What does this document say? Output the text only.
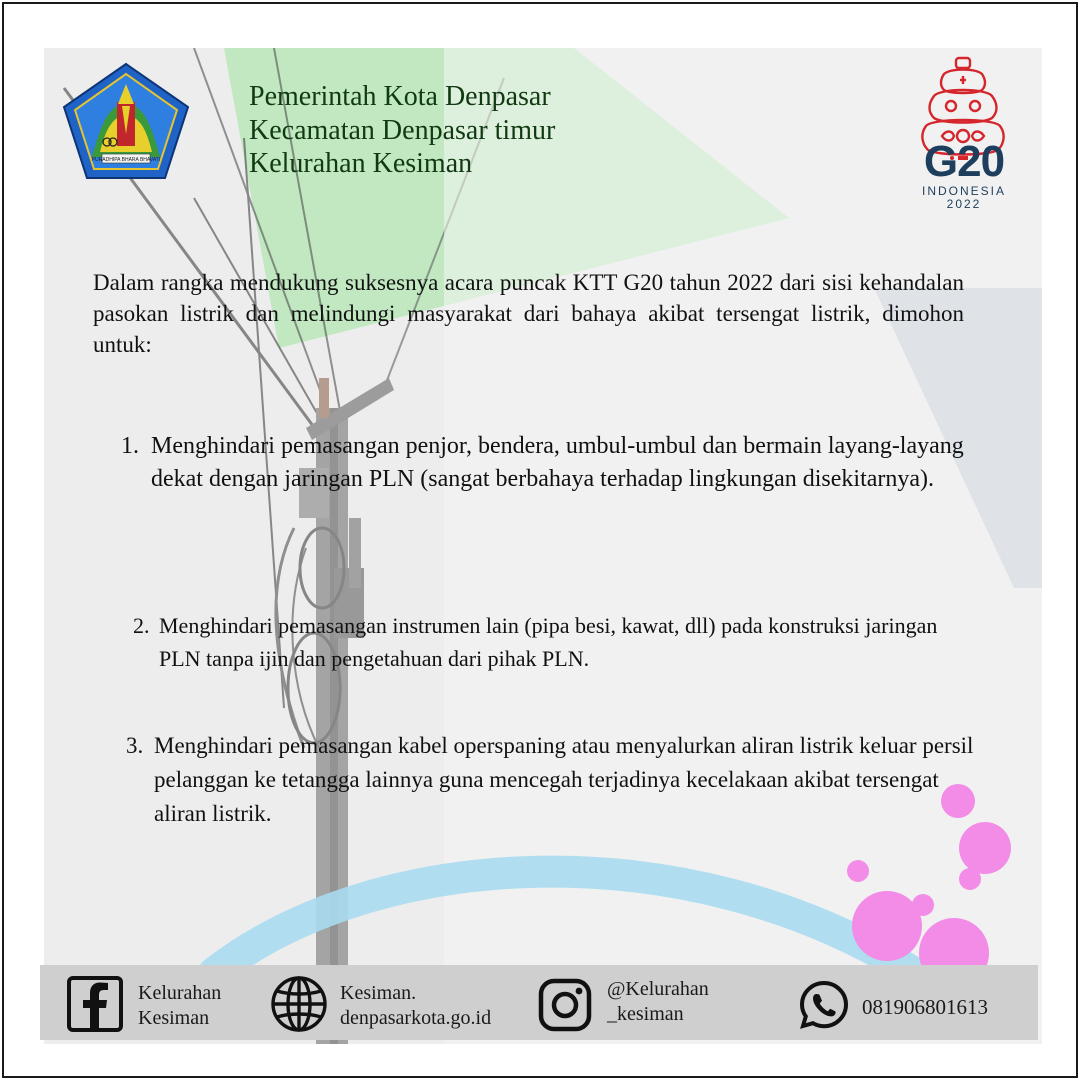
PURADHIPA BHARA BHAVATI
Pemerintah Kota Denpasar
Kecamatan Denpasar timur
Kelurahan Kesiman	G20
INDONESIA
2022
Dalam rangka mendukung suksesnya acara puncak KTT G20 tahun 2022 dari sisi kehandalan pasokan listrik dan melindungi masyarakat dari bahaya akibat tersengat listrik, dimohon untuk:
1. Menghindari pemasangan penjor, bendera, umbul-umbul dan bermain layang-layang dekat dengan jaringan PLN (sangat berbahaya terhadap lingkungan disekitarnya).
2. Menghindari pemasangan instrumen lain (pipa besi, kawat, dll) pada konstruksi jaringan PLN tanpa ijin dan pengetahuan dari pihak PLN.
3. Menghindari pemasangan kabel operspaning atau menyalurkan aliran listrik keluar persil pelanggan ke tetangga lainnya guna mencegah terjadinya kecelakaan akibat tersengat aliran listrik.
Kelurahan
Kesiman
Kesiman.
denpasarkota.go.id
@Kelurahan
_kesiman	081906801613
